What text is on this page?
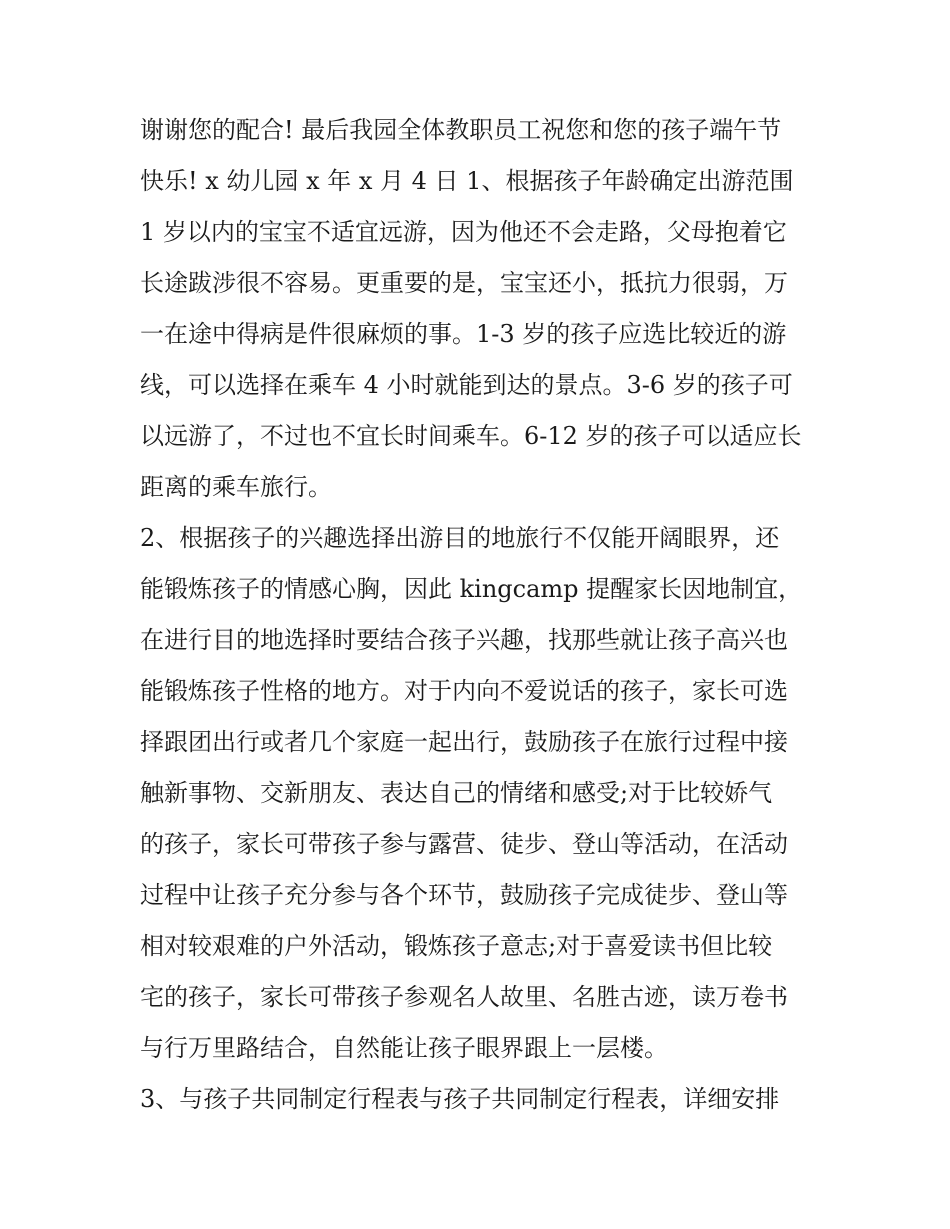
谢谢您的配合! 最后我园全体教职员工祝您和您的孩子端午节
快乐! x 幼儿园 x 年 x 月 4 日 1、根据孩子年龄确定出游范围
1 岁以内的宝宝不适宜远游，因为他还不会走路，父母抱着它
长途跋涉很不容易。更重要的是，宝宝还小，抵抗力很弱，万
一在途中得病是件很麻烦的事。1-3 岁的孩子应选比较近的游
线，可以选择在乘车 4 小时就能到达的景点。3-6 岁的孩子可
以远游了，不过也不宜长时间乘车。6-12 岁的孩子可以适应长
距离的乘车旅行。
2、根据孩子的兴趣选择出游目的地旅行不仅能开阔眼界，还
能锻炼孩子的情感心胸，因此 kingcamp 提醒家长因地制宜，
在进行目的地选择时要结合孩子兴趣，找那些就让孩子高兴也
能锻炼孩子性格的地方。对于内向不爱说话的孩子，家长可选
择跟团出行或者几个家庭一起出行，鼓励孩子在旅行过程中接
触新事物、交新朋友、表达自己的情绪和感受;对于比较娇气
的孩子，家长可带孩子参与露营、徒步、登山等活动，在活动
过程中让孩子充分参与各个环节，鼓励孩子完成徒步、登山等
相对较艰难的户外活动，锻炼孩子意志;对于喜爱读书但比较
宅的孩子，家长可带孩子参观名人故里、名胜古迹，读万卷书
与行万里路结合，自然能让孩子眼界跟上一层楼。
3、与孩子共同制定行程表与孩子共同制定行程表，详细安排
